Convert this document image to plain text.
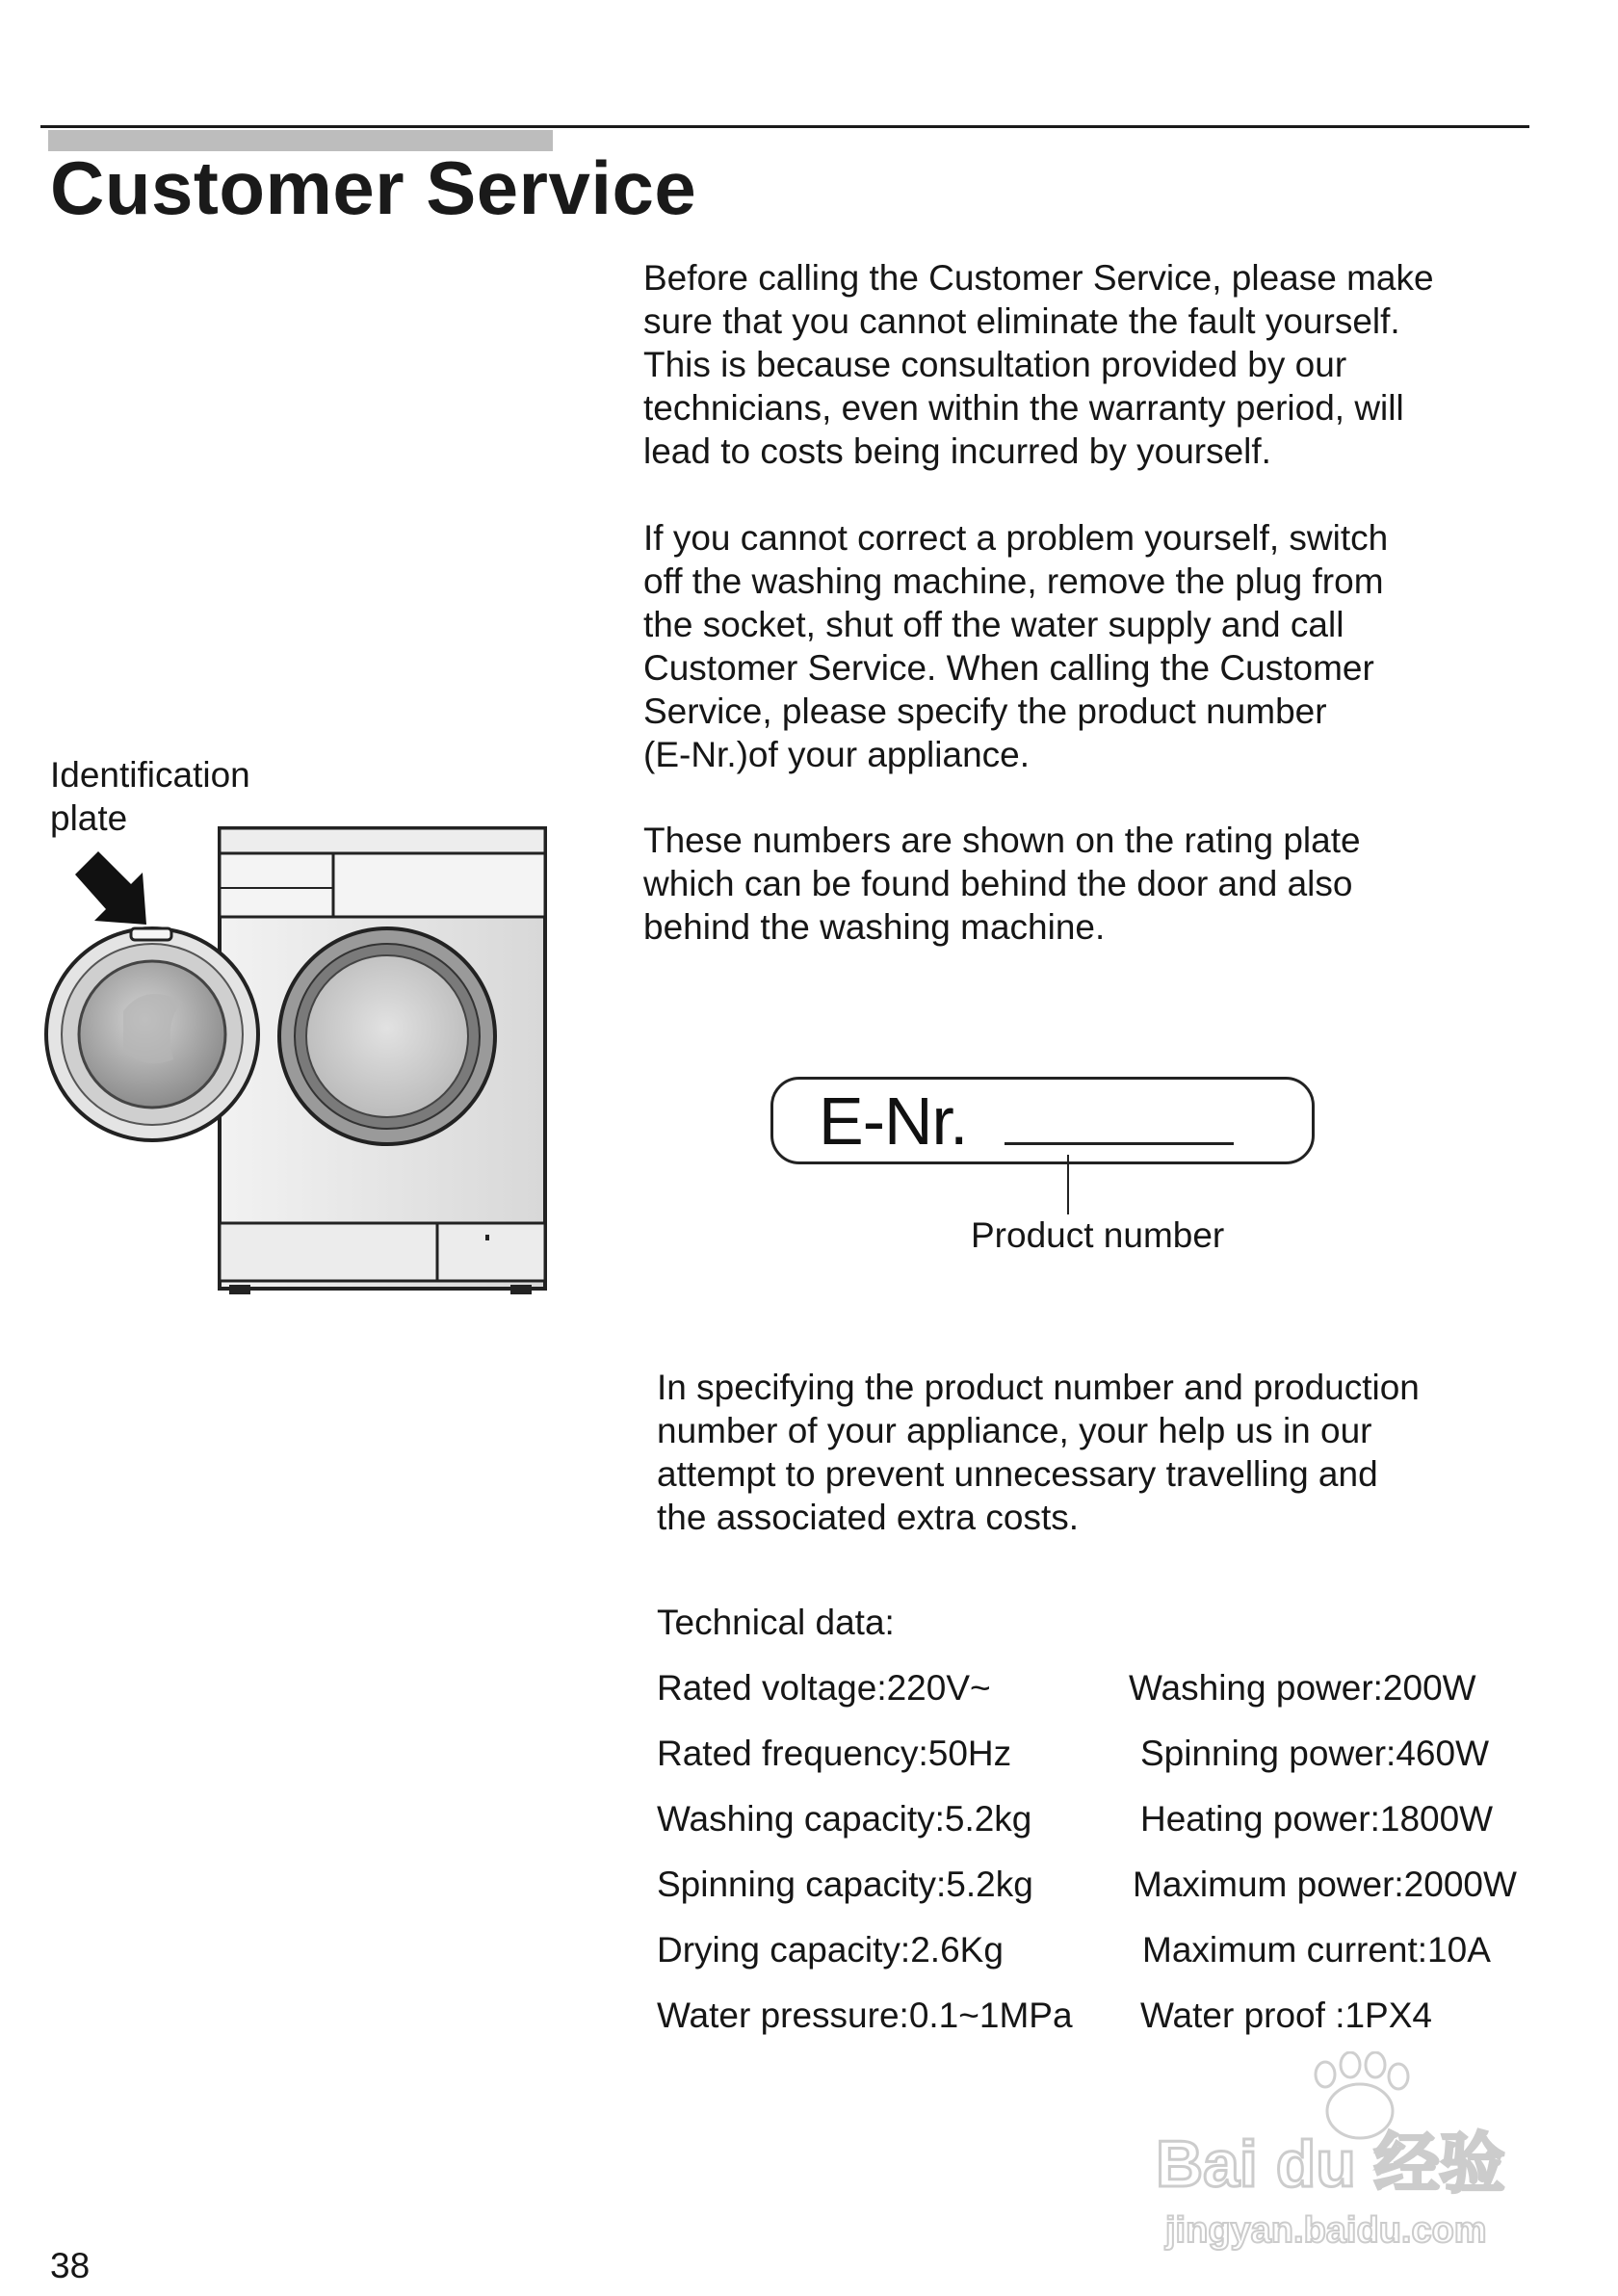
Customer Service
Before calling the Customer Service, please make
sure that you cannot eliminate the fault yourself.
This is because consultation provided by our
technicians, even within the warranty period, will
lead to costs being incurred by yourself.
If you cannot correct a problem yourself, switch
off the washing machine, remove the plug from
the socket, shut off the water supply and call
Customer Service. When calling the Customer
Service, please specify the product number
(E-Nr.)of your appliance.
These numbers are shown on the rating plate
which can be found behind the door and also
behind the washing machine.
Identification
plate
E-Nr.
Product number
In specifying the product number and production
number of your appliance, your help us in our
attempt to prevent unnecessary travelling and
the associated extra costs.
Technical data:
Rated voltage:220V~	Washing power:200W
Rated frequency:50Hz	Spinning power:460W
Washing capacity:5.2kg	Heating power:1800W
Spinning capacity:5.2kg	Maximum power:2000W
Drying capacity:2.6Kg	Maximum current:10A
Water pressure:0.1~1MPa Water proof :1PX4
Bai du 经验
jingyan.baidu.com
38
